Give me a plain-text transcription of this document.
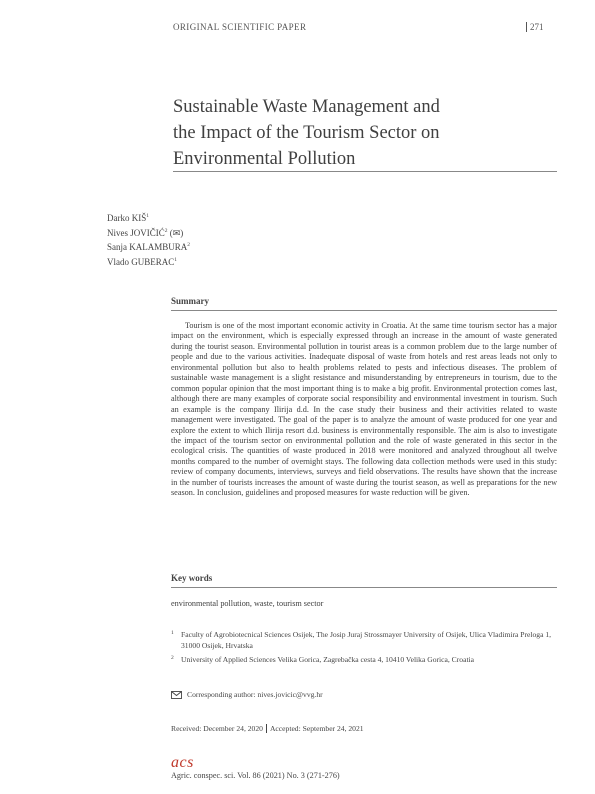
ORIGINAL SCIENTIFIC PAPER	271
Sustainable Waste Management and
the Impact of the Tourism Sector on
Environmental Pollution
Darko KIŠ$^1$
Nives JOVIČIĆ$^2$ (✉)
Sanja KALAMBURA$^2$
Vlado GUBERAC$^1$
Summary
Tourism is one of the most important economic activity in Croatia. At the same time tourism sector has a major impact on the environment, which is especially expressed through an increase in the amount of waste generated during the tourist season. Environmental pollution in tourist areas is a common problem due to the large number of people and due to the various activities. Inadequate disposal of waste from hotels and rest areas leads not only to environmental pollution but also to health problems related to pests and infectious diseases. The problem of sustainable waste management is a slight resistance and misunderstanding by entrepreneurs in tourism, due to the common popular opinion that the most important thing is to make a big profit. Environmental protection comes last, although there are many examples of corporate social responsibility and environmental investment in tourism. Such an example is the company Ilirija d.d. In the case study their business and their activities related to waste management were investigated. The goal of the paper is to analyze the amount of waste produced for one year and explore the extent to which Ilirija resort d.d. business is environmentally responsible. The aim is also to investigate the impact of the tourism sector on environmental pollution and the role of waste generated in this sector in the ecological crisis. The quantities of waste produced in 2018 were monitored and analyzed throughout all twelve months compared to the number of overnight stays. The following data collection methods were used in this study: review of company documents, interviews, surveys and field observations. The results have shown that the increase in the number of tourists increases the amount of waste during the tourist season, as well as preparations for the new season. In conclusion, guidelines and proposed measures for waste reduction will be given.
Key words
environmental pollution, waste, tourism sector
1 Faculty of Agrobiotecnical Sciences Osijek, The Josip Juraj Strossmayer University of Osijek, Ulica Vladimira Preloga 1, 31000 Osijek, Hrvatska
2 University of Applied Sciences Velika Gorica, Zagrebačka cesta 4, 10410 Velika Gorica, Croatia
Corresponding author: nives.jovicic@vvg.hr
Received: December 24, 2020 Accepted: September 24, 2021
acs
Agric. conspec. sci. Vol. 86 (2021) No. 3 (271-276)
